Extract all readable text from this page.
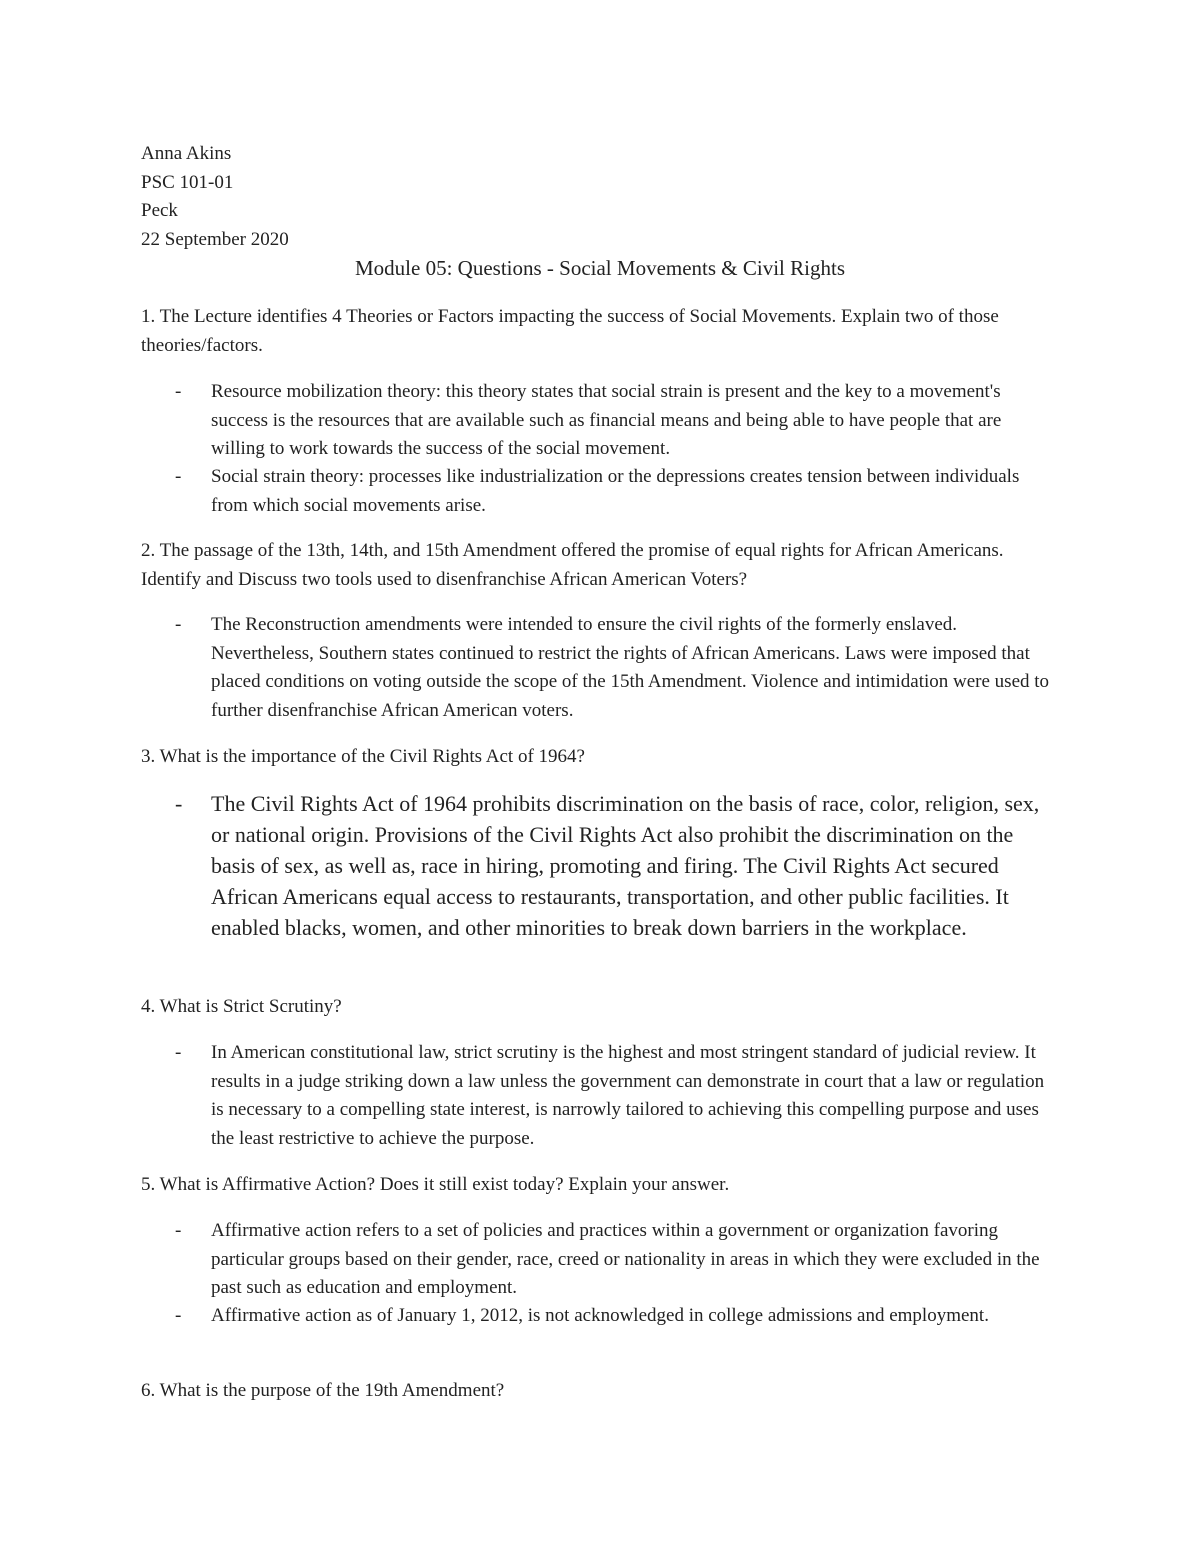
Anna Akins
PSC 101-01
Peck
22 September 2020
Module 05: Questions - Social Movements & Civil Rights
1. The Lecture identifies 4 Theories or Factors impacting the success of Social Movements. Explain two of those theories/factors.
- Resource mobilization theory: this theory states that social strain is present and the key to a movement's success is the resources that are available such as financial means and being able to have people that are willing to work towards the success of the social movement.
- Social strain theory: processes like industrialization or the depressions creates tension between individuals from which social movements arise.
2. The passage of the 13th, 14th, and 15th Amendment offered the promise of equal rights for African Americans. Identify and Discuss two tools used to disenfranchise African American Voters?
- The Reconstruction amendments were intended to ensure the civil rights of the formerly enslaved. Nevertheless, Southern states continued to restrict the rights of African Americans. Laws were imposed that placed conditions on voting outside the scope of the 15th Amendment. Violence and intimidation were used to further disenfranchise African American voters.
3. What is the importance of the Civil Rights Act of 1964?
- The Civil Rights Act of 1964 prohibits discrimination on the basis of race, color, religion, sex, or national origin. Provisions of the Civil Rights Act also prohibit the discrimination on the basis of sex, as well as, race in hiring, promoting and firing. The Civil Rights Act secured African Americans equal access to restaurants, transportation, and other public facilities. It enabled blacks, women, and other minorities to break down barriers in the workplace.
4. What is Strict Scrutiny?
- In American constitutional law, strict scrutiny is the highest and most stringent standard of judicial review. It results in a judge striking down a law unless the government can demonstrate in court that a law or regulation is necessary to a compelling state interest, is narrowly tailored to achieving this compelling purpose and uses the least restrictive to achieve the purpose.
5. What is Affirmative Action? Does it still exist today? Explain your answer.
- Affirmative action refers to a set of policies and practices within a government or organization favoring particular groups based on their gender, race, creed or nationality in areas in which they were excluded in the past such as education and employment.
- Affirmative action as of January 1, 2012, is not acknowledged in college admissions and employment.
6. What is the purpose of the 19th Amendment?
